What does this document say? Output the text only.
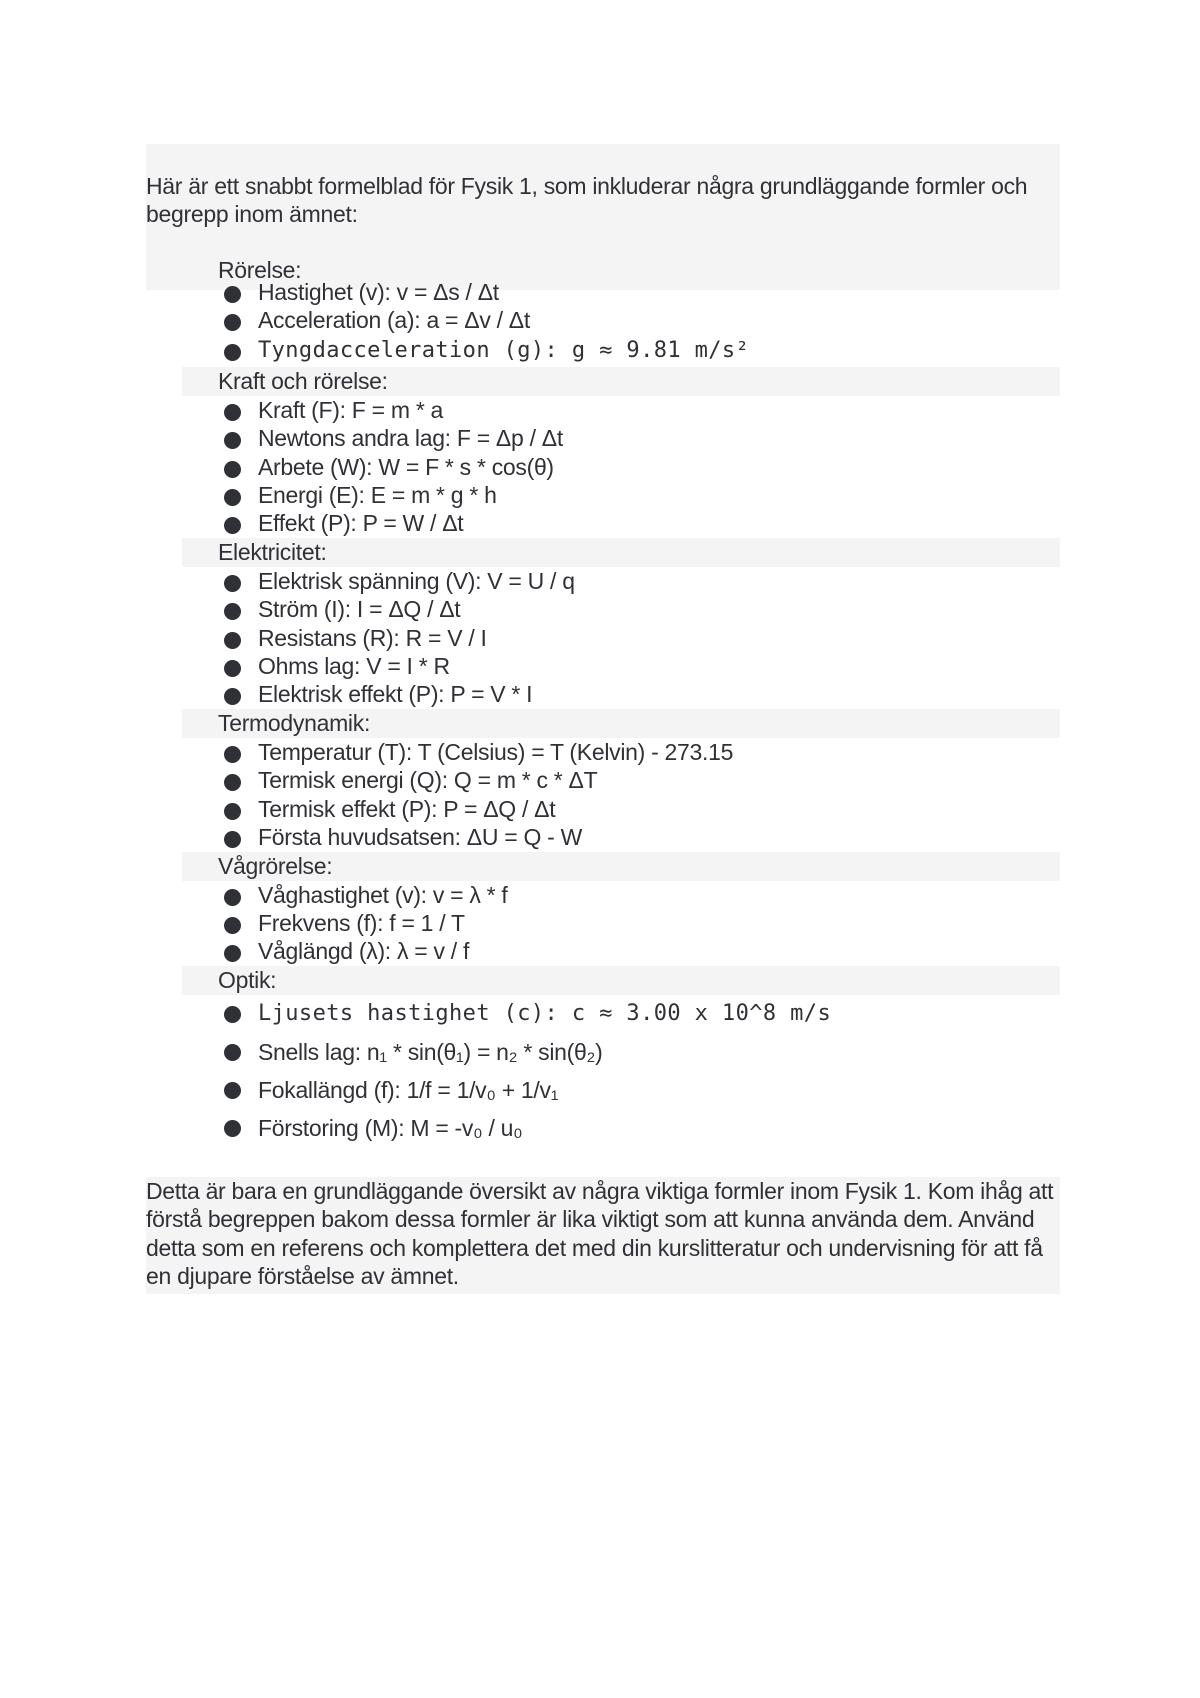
Här är ett snabbt formelblad för Fysik 1, som inkluderar några grundläggande formler och begrepp inom ämnet:

Rörelse:
Hastighet (v): v = Δs / Δt
Acceleration (a): a = Δv / Δt
Tyngdacceleration (g): g ≈ 9.81 m/s²
Kraft och rörelse:
Kraft (F): F = m * a
Newtons andra lag: F = Δp / Δt
Arbete (W): W = F * s * cos(θ)
Energi (E): E = m * g * h
Effekt (P): P = W / Δt
Elektricitet:
Elektrisk spänning (V): V = U / q
Ström (I): I = ΔQ / Δt
Resistans (R): R = V / I
Ohms lag: V = I * R
Elektrisk effekt (P): P = V * I
Termodynamik:
Temperatur (T): T (Celsius) = T (Kelvin) - 273.15
Termisk energi (Q): Q = m * c * ΔT
Termisk effekt (P): P = ΔQ / Δt
Första huvudsatsen: ΔU = Q - W
Vågrörelse:
Våghastighet (v): v = λ * f
Frekvens (f): f = 1 / T
Våglängd (λ): λ = v / f
Optik:
Ljusets hastighet (c): c ≈ 3.00 x 10^8 m/s
Snells lag: n₁ * sin(θ₁) = n₂ * sin(θ₂)
Fokallängd (f): 1/f = 1/v₀ + 1/v₁
Förstoring (M): M = -v₀ / u₀

Detta är bara en grundläggande översikt av några viktiga formler inom Fysik 1. Kom ihåg att förstå begreppen bakom dessa formler är lika viktigt som att kunna använda dem. Använd detta som en referens och komplettera det med din kurslitteratur och undervisning för att få en djupare förståelse av ämnet.
